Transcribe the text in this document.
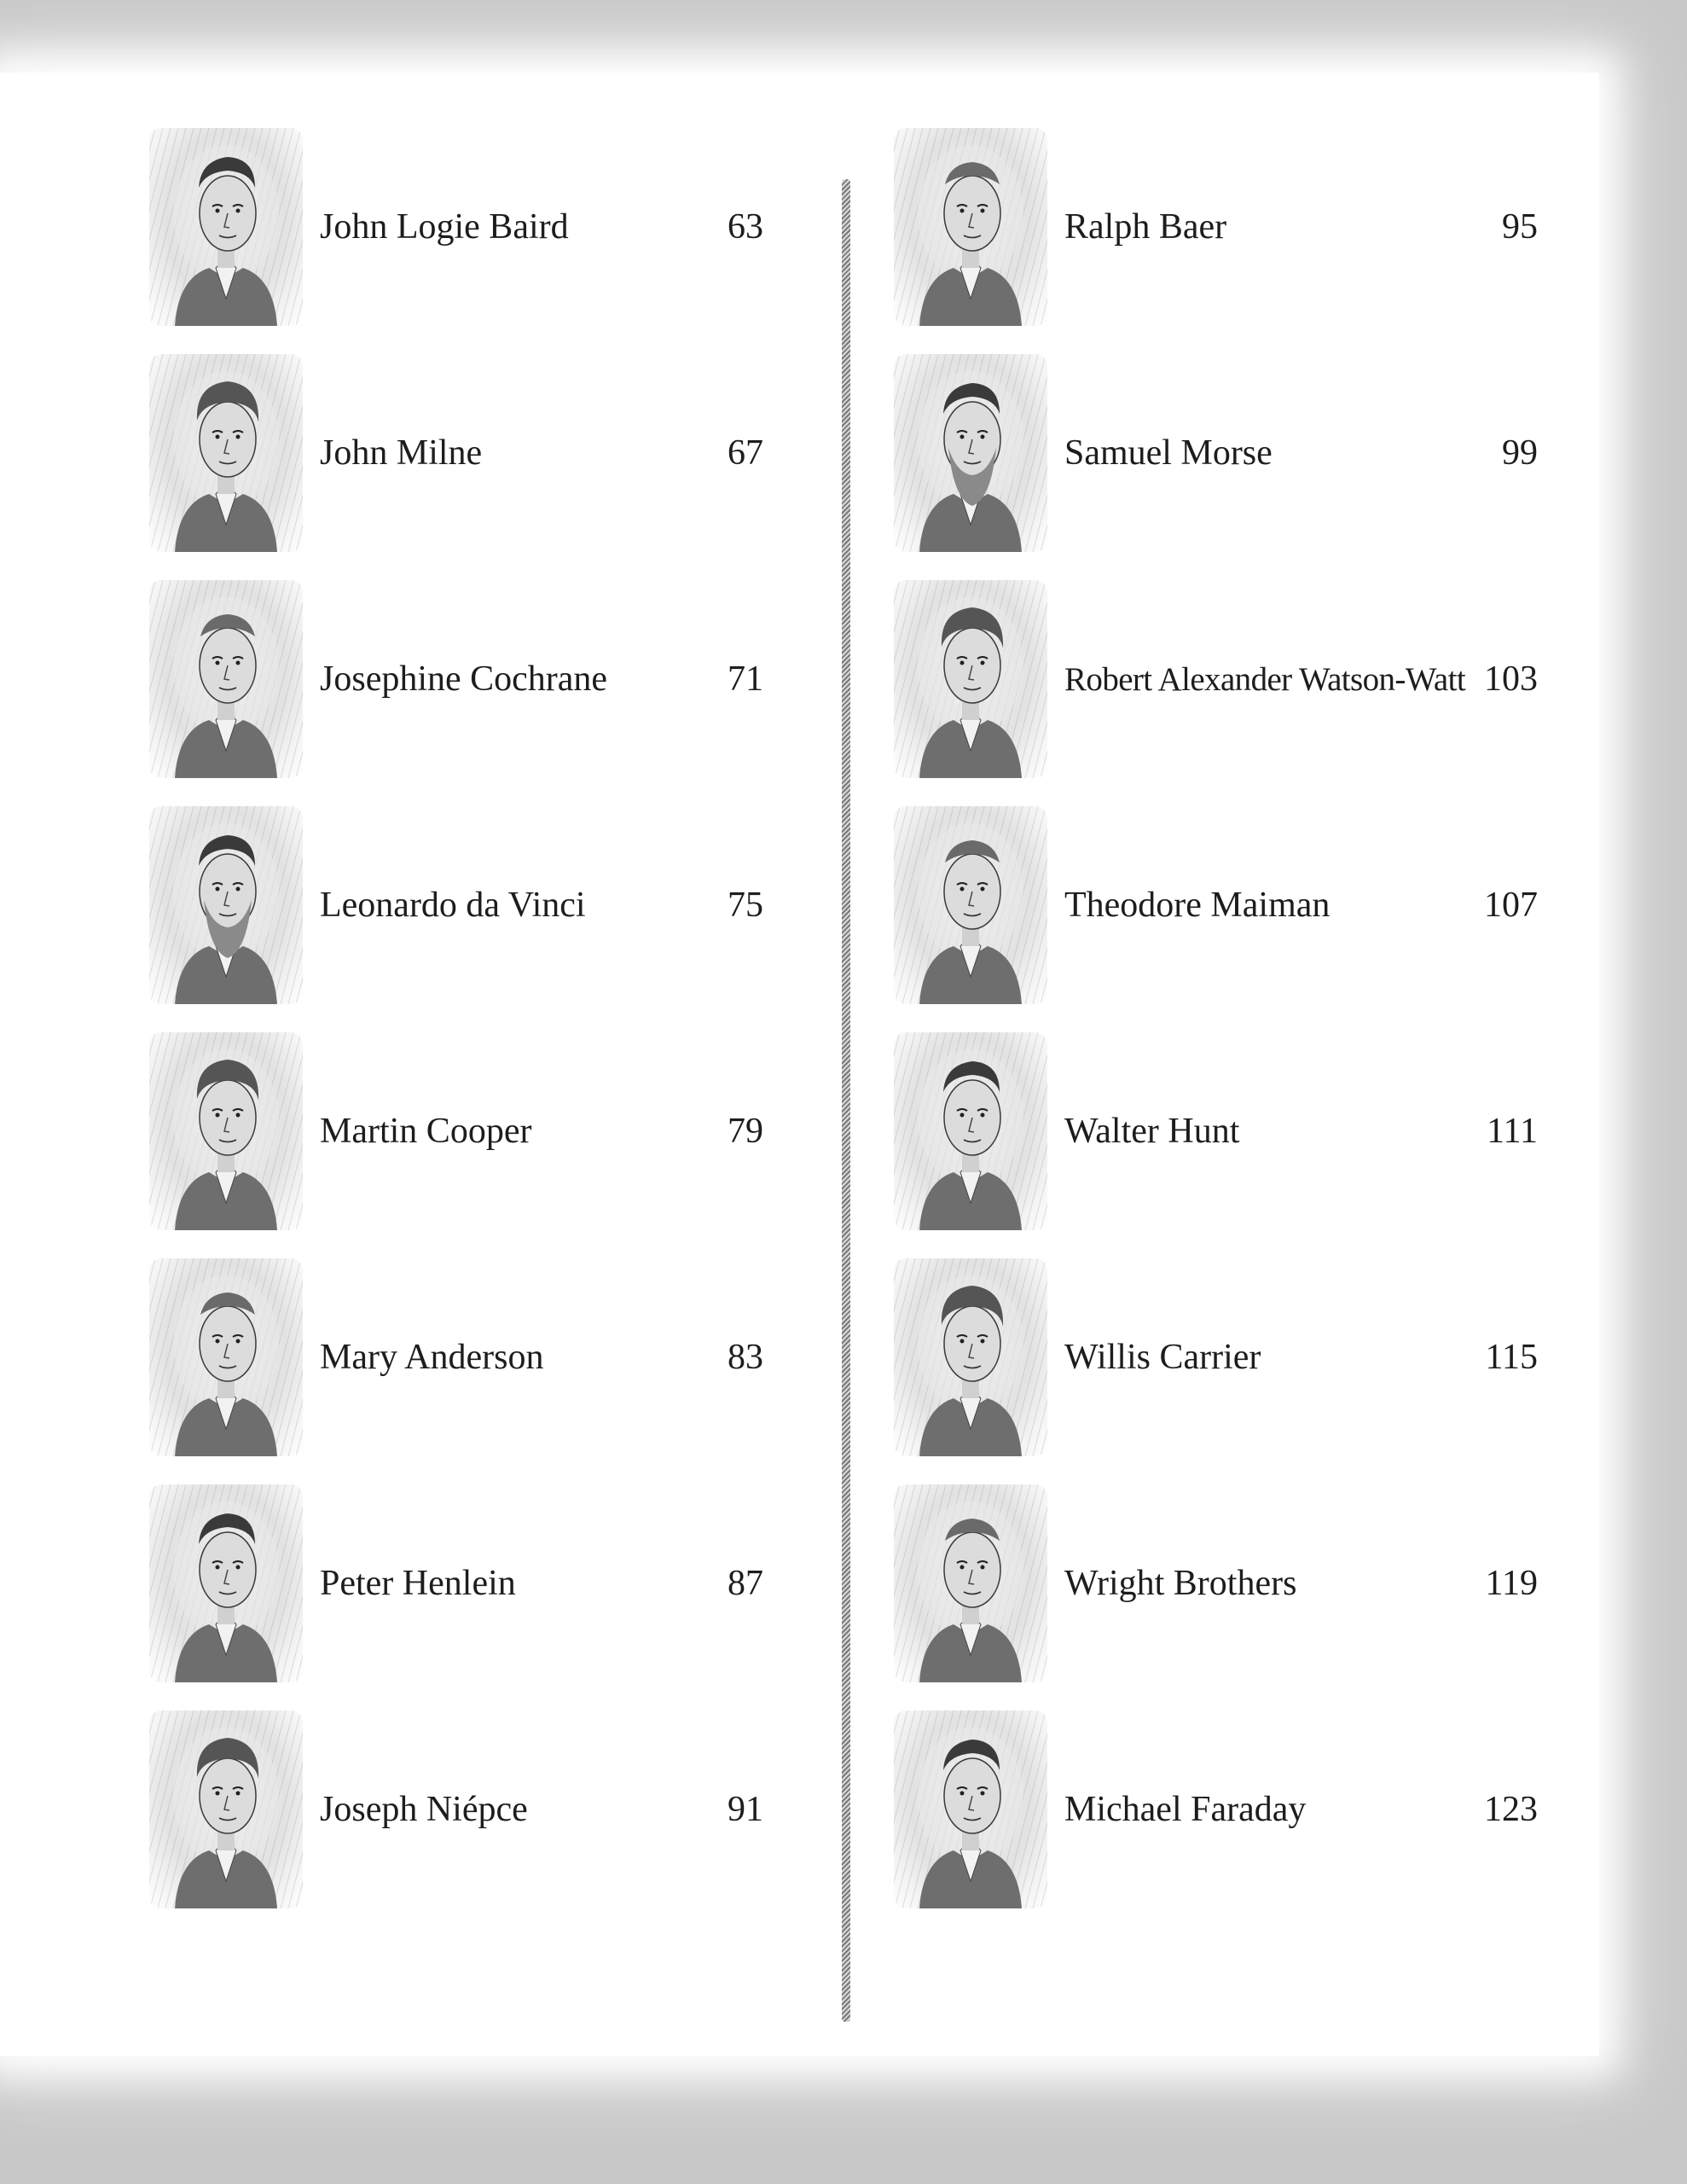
John Logie Baird	63
John Milne	67
Josephine Cochrane	71
Leonardo da Vinci	75
Martin Cooper	79
Mary Anderson	83
Peter Henlein	87
Joseph Niépce	91
Ralph Baer	95
Samuel Morse	99
Robert Alexander Watson-Watt 103
Theodore Maiman	107
Walter Hunt	111
Willis Carrier	115
Wright Brothers	119
Michael Faraday	123
